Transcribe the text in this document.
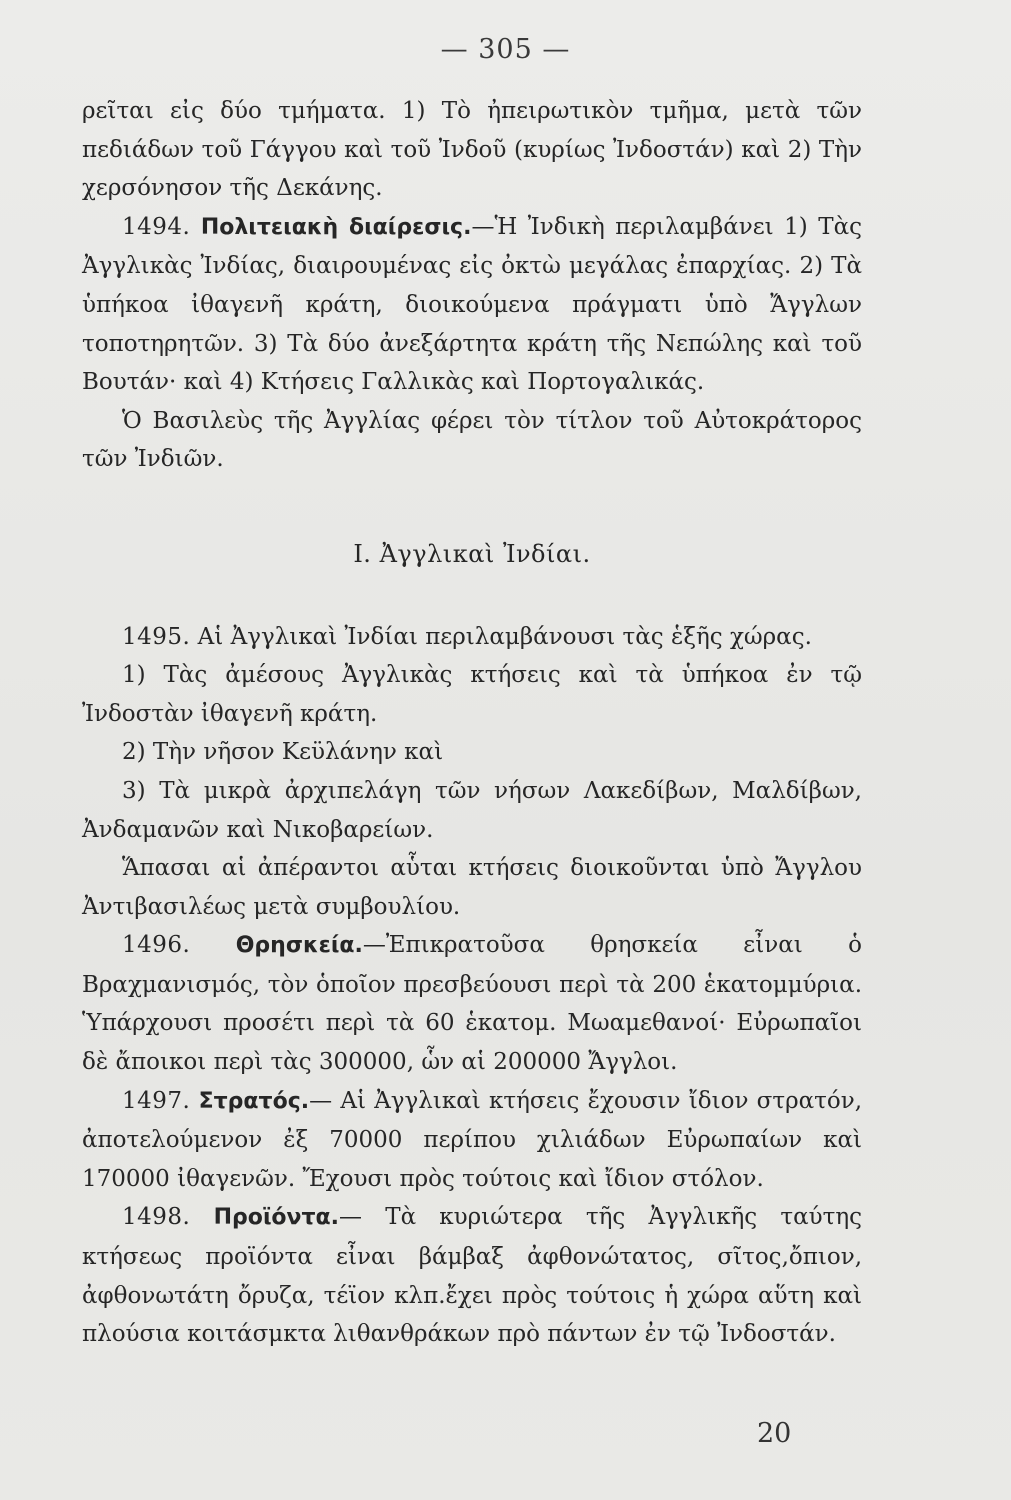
— 305 —

ρεῖται εἰς δύο τμήματα. 1) Τὸ ἠπειρωτικὸν τμῆμα, μετὰ τῶν πεδιάδων τοῦ Γάγγου καὶ τοῦ Ἰνδοῦ (κυρίως Ἰνδοστάν) καὶ 2) Τὴν χερσόνησον τῆς Δεκάνης.

1494. Πολιτειακὴ διαίρεσις.—Ἡ Ἰνδικὴ περιλαμβάνει 1) Τὰς Ἀγγλικὰς Ἰνδίας, διαιρουμένας εἰς ὀκτὼ μεγάλας ἐπαρχίας. 2) Τὰ ὑπήκοα ἰθαγενῆ κράτη, διοικούμενα πράγματι ὑπὸ Ἄγγλων τοποτηρητῶν. 3) Τὰ δύο ἀνεξάρτητα κράτη τῆς Νεπώλης καὶ τοῦ Βουτάν· καὶ 4) Κτήσεις Γαλλικὰς καὶ Πορτογαλικάς.

Ὁ Βασιλεὺς τῆς Ἀγγλίας φέρει τὸν τίτλον τοῦ Αὐτοκράτορος τῶν Ἰνδιῶν.

I. Ἀγγλικαὶ Ἰνδίαι.

1495. Αἱ Ἀγγλικαὶ Ἰνδίαι περιλαμβάνουσι τὰς ἑξῆς χώρας.

1) Τὰς ἀμέσους Ἀγγλικὰς κτήσεις καὶ τὰ ὑπήκοα ἐν τῷ Ἰνδοστὰν ἰθαγενῆ κράτη.

2) Τὴν νῆσον Κεϋλάνην καὶ

3) Τὰ μικρὰ ἀρχιπελάγη τῶν νήσων Λακεδίβων, Μαλδίβων, Ἀνδαμανῶν καὶ Νικοβαρείων.

Ἅπασαι αἱ ἀπέραντοι αὗται κτήσεις διοικοῦνται ὑπὸ Ἄγγλου Ἀντιβασιλέως μετὰ συμβουλίου.

1496. Θρησκεία.—Ἐπικρατοῦσα θρησκεία εἶναι ὁ Βραχμανισμός, τὸν ὁποῖον πρεσβεύουσι περὶ τὰ 200 ἑκατομμύρια. Ὑπάρχουσι προσέτι περὶ τὰ 60 ἑκατομ. Μωαμεθανοί· Εὐρωπαῖοι δὲ ἄποικοι περὶ τὰς 300000, ὧν αἱ 200000 Ἄγγλοι.

1497. Στρατός.— Αἱ Ἀγγλικαὶ κτήσεις ἔχουσιν ἴδιον στρατόν, ἀποτελούμενον ἐξ 70000 περίπου χιλιάδων Εὐρωπαίων καὶ 170000 ἰθαγενῶν. Ἔχουσι πρὸς τούτοις καὶ ἴδιον στόλον.

1498. Προϊόντα.— Τὰ κυριώτερα τῆς Ἀγγλικῆς ταύτης κτήσεως προϊόντα εἶναι βάμβαξ ἀφθονώτατος, σῖτος,ὄπιον, ἀφθονωτάτη ὄρυζα, τέϊον κλπ.ἔχει πρὸς τούτοις ἡ χώρα αὕτη καὶ πλούσια κοιτάσμκτα λιθανθράκων πρὸ πάντων ἐν τῷ Ἰνδοστάν.

20
